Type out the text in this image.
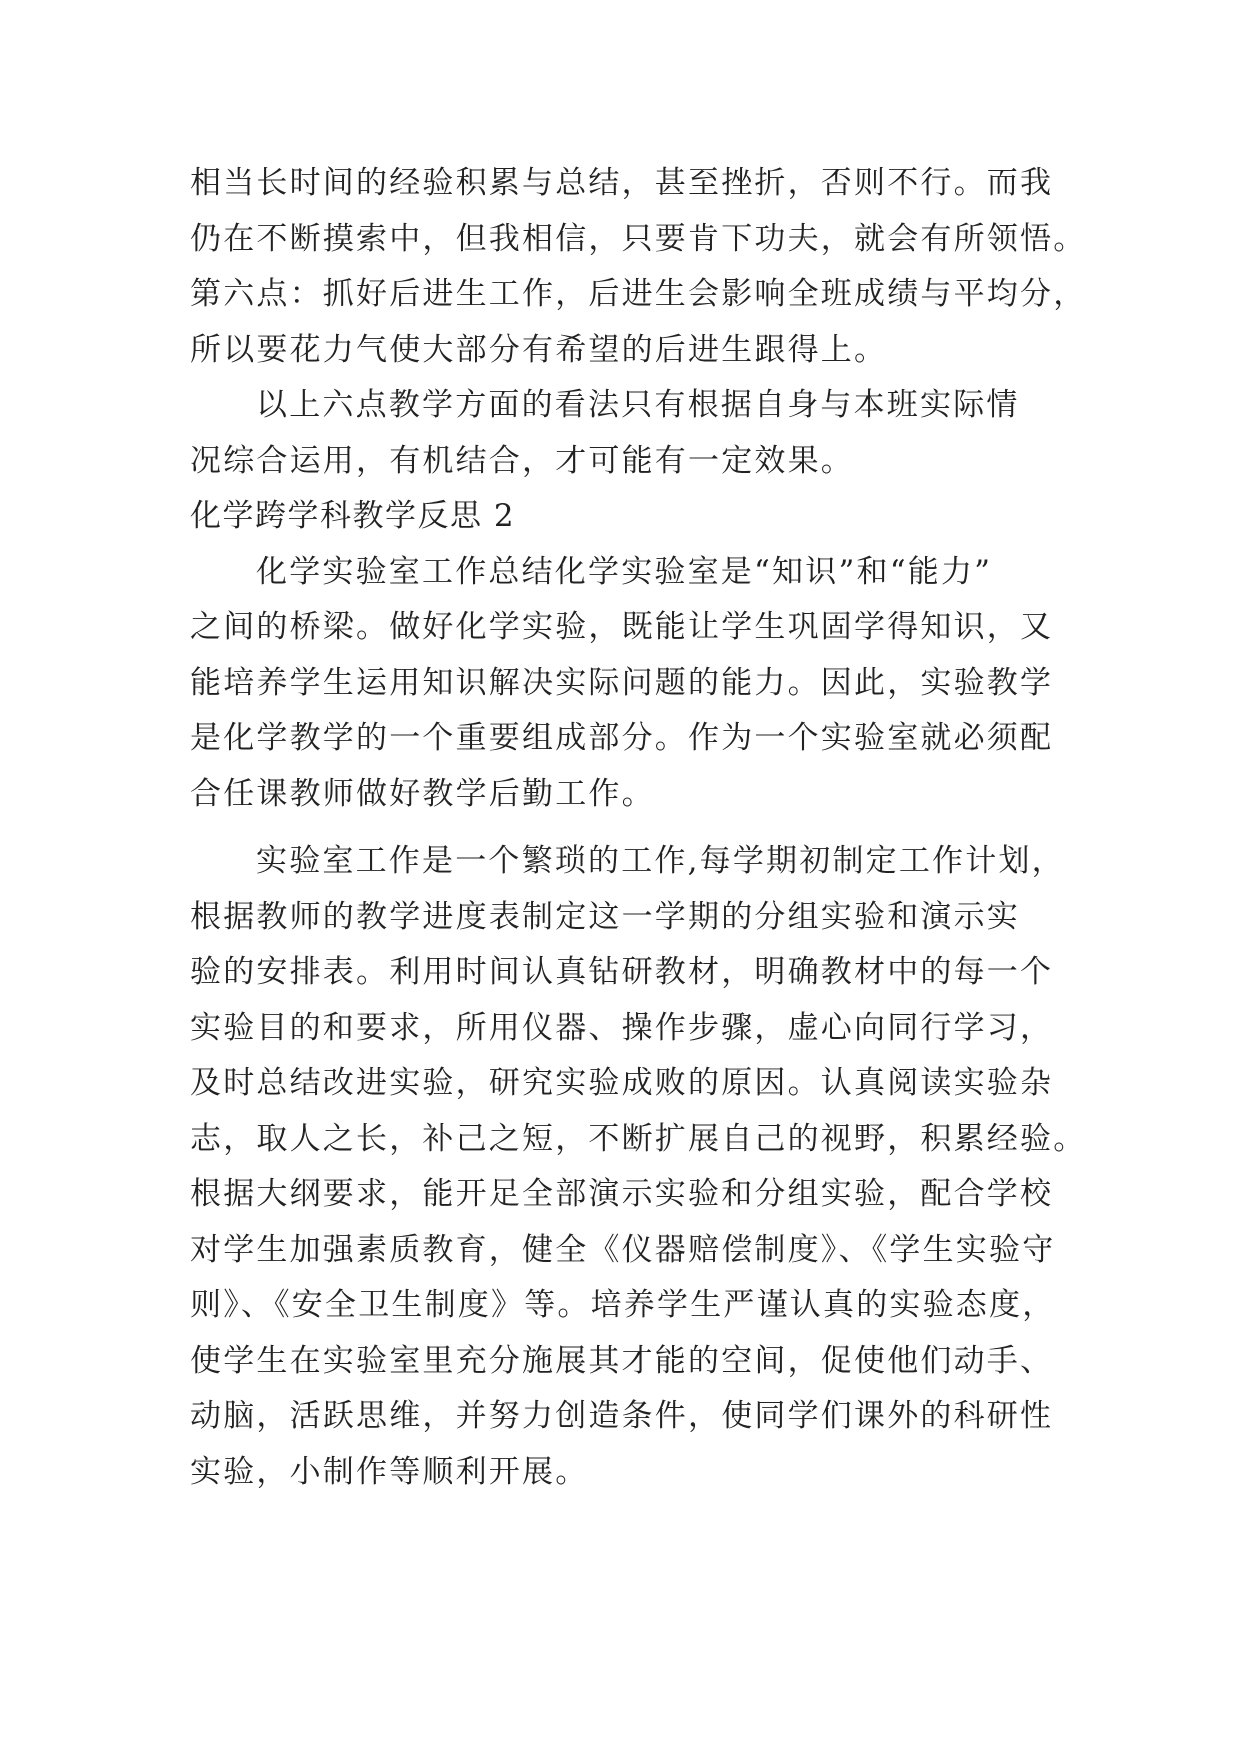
相当长时间的经验积累与总结，甚至挫折，否则不行。而我
仍在不断摸索中，但我相信，只要肯下功夫，就会有所领悟。
第六点：抓好后进生工作，后进生会影响全班成绩与平均分，
所以要花力气使大部分有希望的后进生跟得上。
以上六点教学方面的看法只有根据自身与本班实际情
况综合运用，有机结合，才可能有一定效果。
化学跨学科教学反思 2
化学实验室工作总结化学实验室是“知识”和“能力”
之间的桥梁。做好化学实验，既能让学生巩固学得知识，又
能培养学生运用知识解决实际问题的能力。因此，实验教学
是化学教学的一个重要组成部分。作为一个实验室就必须配
合任课教师做好教学后勤工作。
实验室工作是一个繁琐的工作,每学期初制定工作计划，
根据教师的教学进度表制定这一学期的分组实验和演示实
验的安排表。利用时间认真钻研教材，明确教材中的每一个
实验目的和要求，所用仪器、操作步骤，虚心向同行学习，
及时总结改进实验，研究实验成败的原因。认真阅读实验杂
志，取人之长，补己之短，不断扩展自己的视野，积累经验。
根据大纲要求，能开足全部演示实验和分组实验，配合学校
对学生加强素质教育，健全《仪器赔偿制度》、《学生实验守
则》、《安全卫生制度》等。培养学生严谨认真的实验态度，
使学生在实验室里充分施展其才能的空间，促使他们动手、
动脑，活跃思维，并努力创造条件，使同学们课外的科研性
实验，小制作等顺利开展。
